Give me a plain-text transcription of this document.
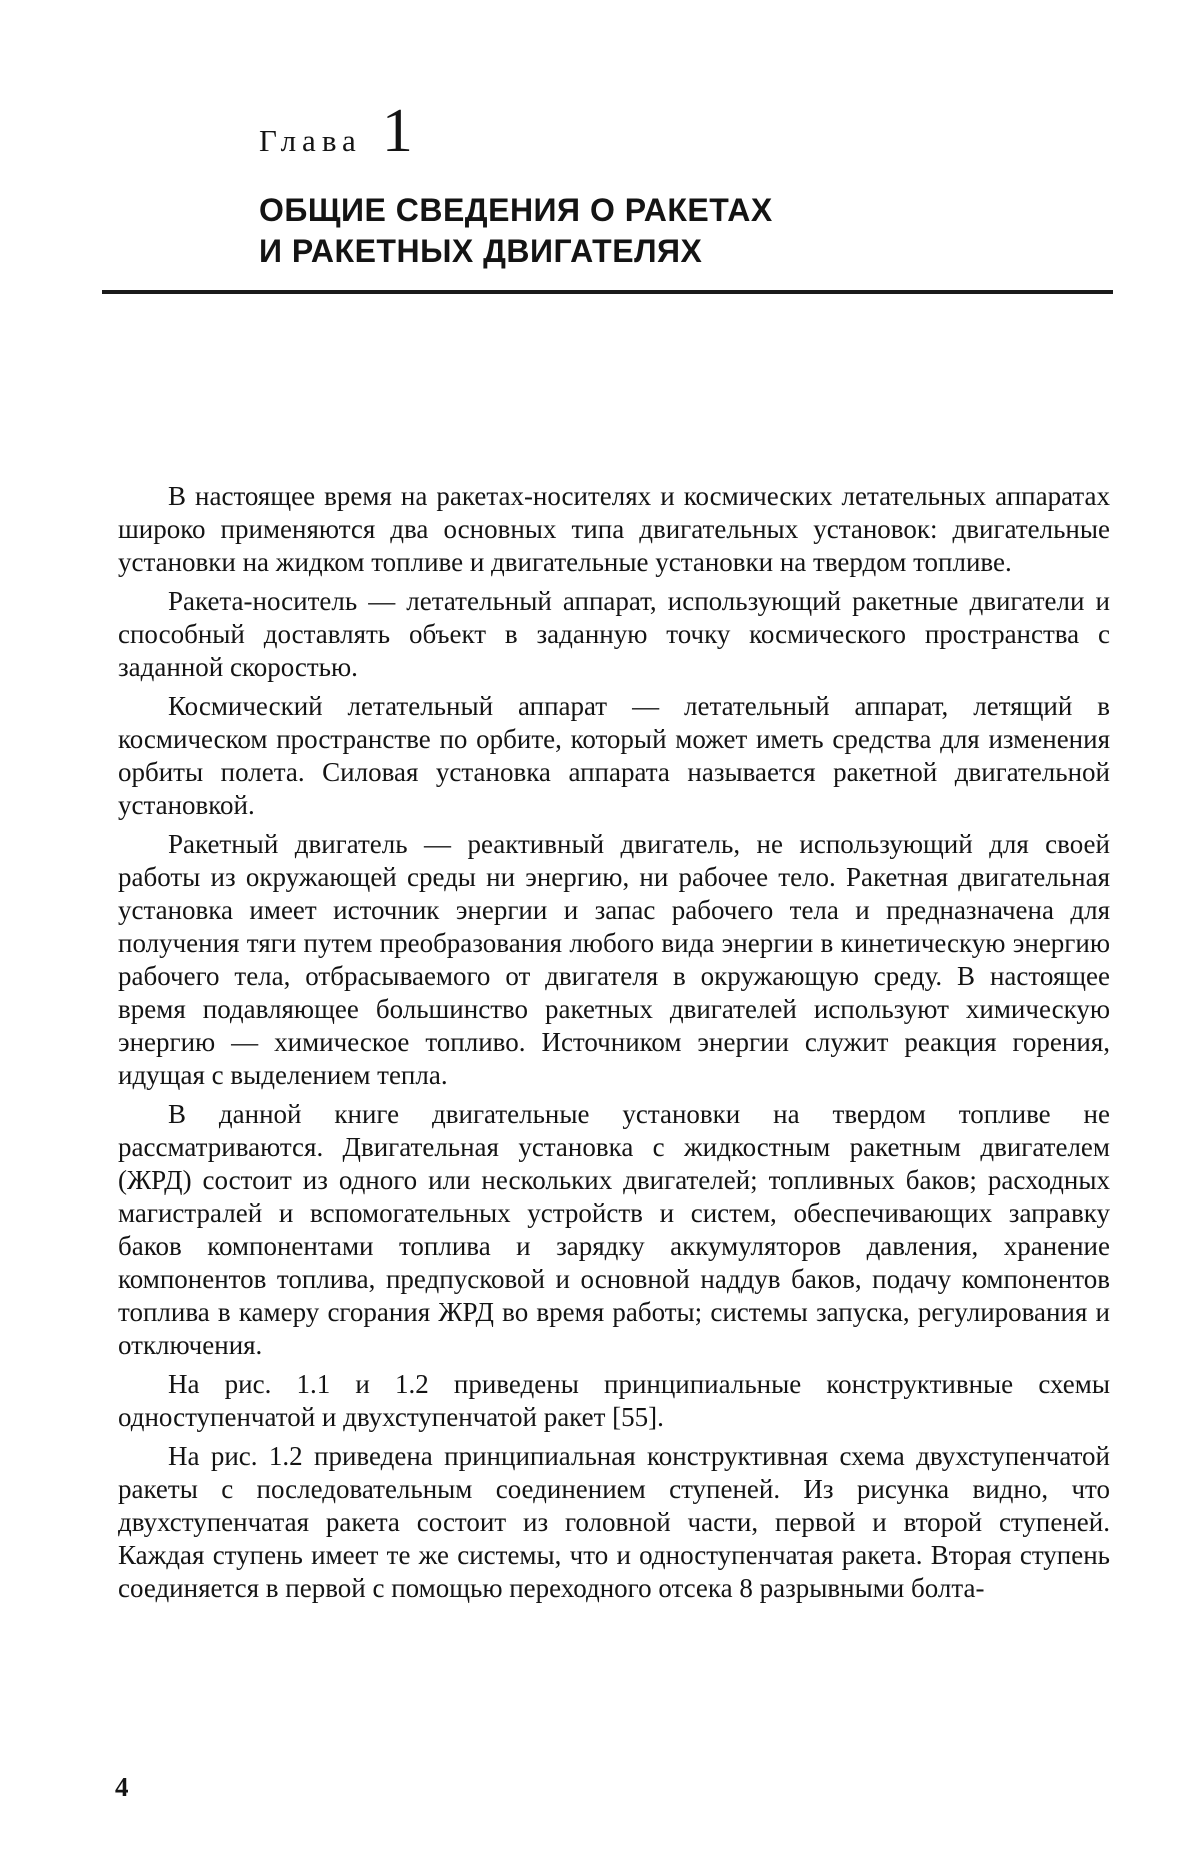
Глава 1
ОБЩИЕ СВЕДЕНИЯ О РАКЕТАХ
И РАКЕТНЫХ ДВИГАТЕЛЯХ

В настоящее время на ракетах-носителях и космических летательных аппаратах широко применяются два основных типа двигательных установок: двигательные установки на жидком топливе и двигательные установки на твердом топливе.

Ракета-носитель — летательный аппарат, использующий ракетные двигатели и способный доставлять объект в заданную точку космического пространства с заданной скоростью.

Космический летательный аппарат — летательный аппарат, летящий в космическом пространстве по орбите, который может иметь средства для изменения орбиты полета. Силовая установка аппарата называется ракетной двигательной установкой.

Ракетный двигатель — реактивный двигатель, не использующий для своей работы из окружающей среды ни энергию, ни рабочее тело. Ракетная двигательная установка имеет источник энергии и запас рабочего тела и предназначена для получения тяги путем преобразования любого вида энергии в кинетическую энергию рабочего тела, отбрасываемого от двигателя в окружающую среду. В настоящее время подавляющее большинство ракетных двигателей используют химическую энергию — химическое топливо. Источником энергии служит реакция горения, идущая с выделением тепла.

В данной книге двигательные установки на твердом топливе не рассматриваются. Двигательная установка с жидкостным ракетным двигателем (ЖРД) состоит из одного или нескольких двигателей; топливных баков; расходных магистралей и вспомогательных устройств и систем, обеспечивающих заправку баков компонентами топлива и зарядку аккумуляторов давления, хранение компонентов топлива, предпусковой и основной наддув баков, подачу компонентов топлива в камеру сгорания ЖРД во время работы; системы запуска, регулирования и отключения.

На рис. 1.1 и 1.2 приведены принципиальные конструктивные схемы одноступенчатой и двухступенчатой ракет [55].

На рис. 1.2 приведена принципиальная конструктивная схема двухступенчатой ракеты с последовательным соединением ступеней. Из рисунка видно, что двухступенчатая ракета состоит из головной части, первой и второй ступеней. Каждая ступень имеет те же системы, что и одноступенчатая ракета. Вторая ступень соединяется в первой с помощью переходного отсека 8 разрывными болта-

4
